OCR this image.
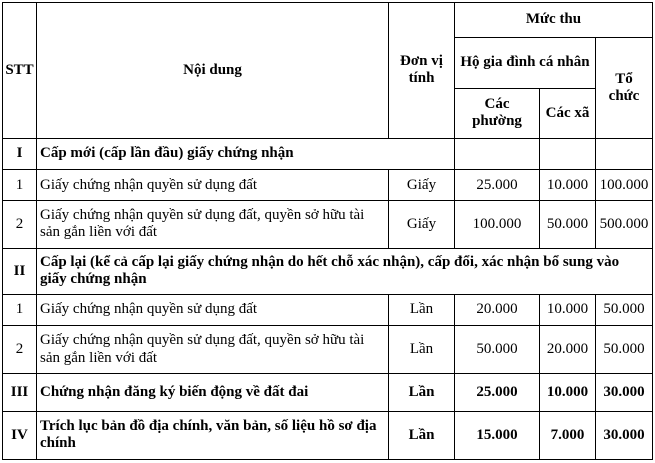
STT	Nội dung	Đơn vị tính	Mức thu		
			Hộ gia đình cá nhân		Tổ chức
			Các phường	Các xã	
I	Cấp mới (cấp lần đầu) giấy chứng nhận				
1	Giấy chứng nhận quyền sử dụng đất	Giấy	25.000	10.000	100.000
2	Giấy chứng nhận quyền sử dụng đất, quyền sở hữu tài sản gắn liền với đất	Giấy	100.000	50.000	500.000
II	Cấp lại (kể cả cấp lại giấy chứng nhận do hết chỗ xác nhận), cấp đổi, xác nhận bổ sung vào giấy chứng nhận				
1	Giấy chứng nhận quyền sử dụng đất	Lần	20.000	10.000	50.000
2	Giấy chứng nhận quyền sử dụng đất, quyền sở hữu tài sản gắn liền với đất	Lần	50.000	20.000	50.000
III	Chứng nhận đăng ký biến động về đất đai	Lần	25.000	10.000	30.000
IV	Trích lục bản đồ địa chính, văn bản, số liệu hồ sơ địa chính	Lần	15.000	7.000	30.000
